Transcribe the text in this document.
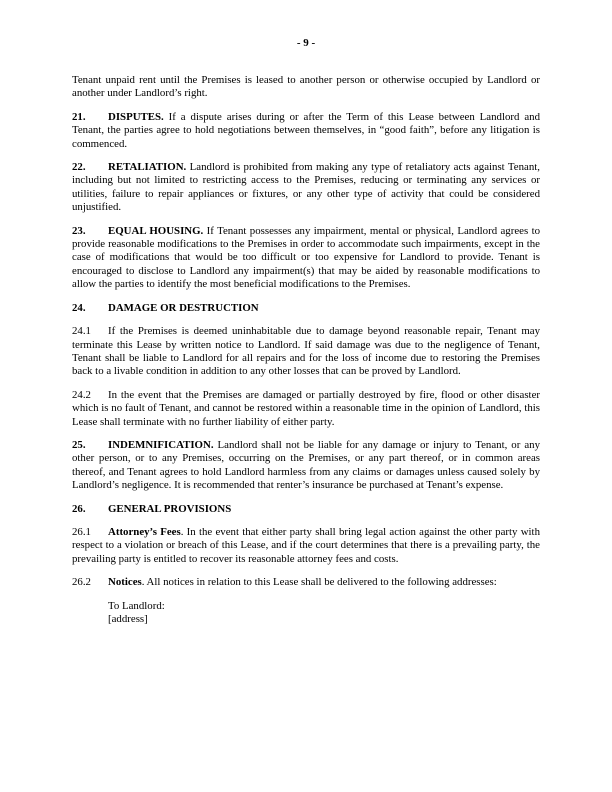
- 9 -

Tenant unpaid rent until the Premises is leased to another person or otherwise occupied by Landlord or another under Landlord’s right.

21. DISPUTES. If a dispute arises during or after the Term of this Lease between Landlord and Tenant, the parties agree to hold negotiations between themselves, in “good faith”, before any litigation is commenced.

22. RETALIATION. Landlord is prohibited from making any type of retaliatory acts against Tenant, including but not limited to restricting access to the Premises, reducing or terminating any services or utilities, failure to repair appliances or fixtures, or any other type of activity that could be considered unjustified.

23. EQUAL HOUSING. If Tenant possesses any impairment, mental or physical, Landlord agrees to provide reasonable modifications to the Premises in order to accommodate such impairments, except in the case of modifications that would be too difficult or too expensive for Landlord to provide. Tenant is encouraged to disclose to Landlord any impairment(s) that may be aided by reasonable modifications to allow the parties to identify the most beneficial modifications to the Premises.

24. DAMAGE OR DESTRUCTION

24.1 If the Premises is deemed uninhabitable due to damage beyond reasonable repair, Tenant may terminate this Lease by written notice to Landlord. If said damage was due to the negligence of Tenant, Tenant shall be liable to Landlord for all repairs and for the loss of income due to restoring the Premises back to a livable condition in addition to any other losses that can be proved by Landlord.

24.2 In the event that the Premises are damaged or partially destroyed by fire, flood or other disaster which is no fault of Tenant, and cannot be restored within a reasonable time in the opinion of Landlord, this Lease shall terminate with no further liability of either party.

25. INDEMNIFICATION. Landlord shall not be liable for any damage or injury to Tenant, or any other person, or to any Premises, occurring on the Premises, or any part thereof, or in common areas thereof, and Tenant agrees to hold Landlord harmless from any claims or damages unless caused solely by Landlord’s negligence. It is recommended that renter’s insurance be purchased at Tenant’s expense.

26. GENERAL PROVISIONS

26.1 Attorney’s Fees. In the event that either party shall bring legal action against the other party with respect to a violation or breach of this Lease, and if the court determines that there is a prevailing party, the prevailing party is entitled to recover its reasonable attorney fees and costs.

26.2 Notices. All notices in relation to this Lease shall be delivered to the following addresses:

To Landlord:
[address]
